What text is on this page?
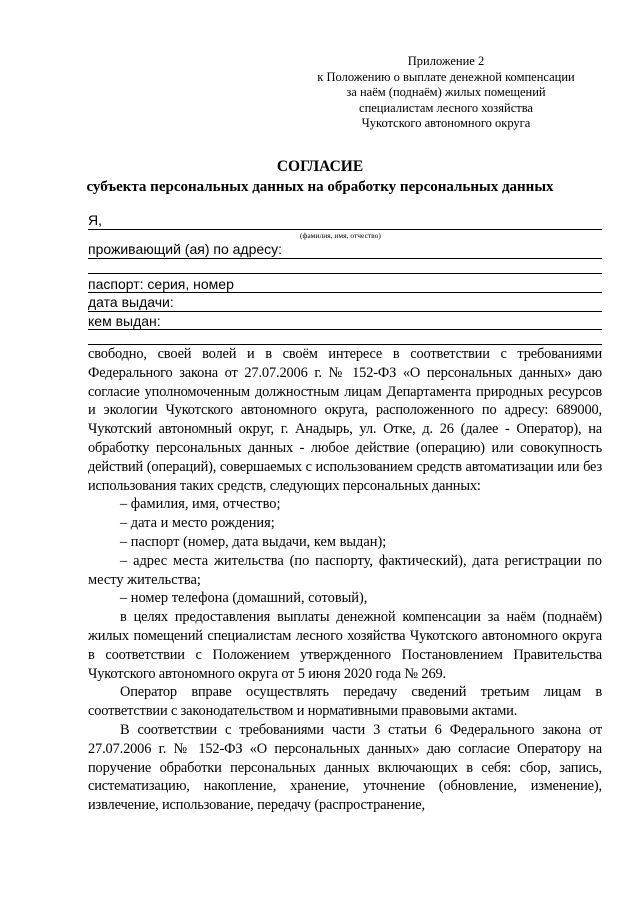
Приложение 2
к Положению о выплате денежной компенсации
за наём (поднаём) жилых помещений
специалистам лесного хозяйства
Чукотского автономного округа
СОГЛАСИЕ
субъекта персональных данных на обработку персональных данных
Я,
(фамилия, имя, отчество)
проживающий (ая) по адресу:
паспорт: серия, номер
дата выдачи:
кем выдан:

свободно, своей волей и в своём интересе в соответствии с требованиями Федерального закона от 27.07.2006 г. № 152-ФЗ «О персональных данных» даю согласие уполномоченным должностным лицам Департамента природных ресурсов и экологии Чукотского автономного округа, расположенного по адресу: 689000, Чукотский автономный округ, г. Анадырь, ул. Отке, д. 26 (далее - Оператор), на обработку персональных данных - любое действие (операцию) или совокупность действий (операций), совершаемых с использованием средств автоматизации или без использования таких средств, следующих персональных данных:

– фамилия, имя, отчество;

– дата и место рождения;

– паспорт (номер, дата выдачи, кем выдан);

– адрес места жительства (по паспорту, фактический), дата регистрации по месту жительства;

– номер телефона (домашний, сотовый),

в целях предоставления выплаты денежной компенсации за наём (поднаём) жилых помещений специалистам лесного хозяйства Чукотского автономного округа в соответствии с Положением утвержденного Постановлением Правительства Чукотского автономного округа от 5 июня 2020 года № 269.

Оператор вправе осуществлять передачу сведений третьим лицам в соответствии с законодательством и нормативными правовыми актами.

В соответствии с требованиями части 3 статьи 6 Федерального закона от 27.07.2006 г. № 152-ФЗ «О персональных данных» даю согласие Оператору на поручение обработки персональных данных включающих в себя: сбор, запись, систематизацию, накопление, хранение, уточнение (обновление, изменение), извлечение, использование, передачу (распространение,
